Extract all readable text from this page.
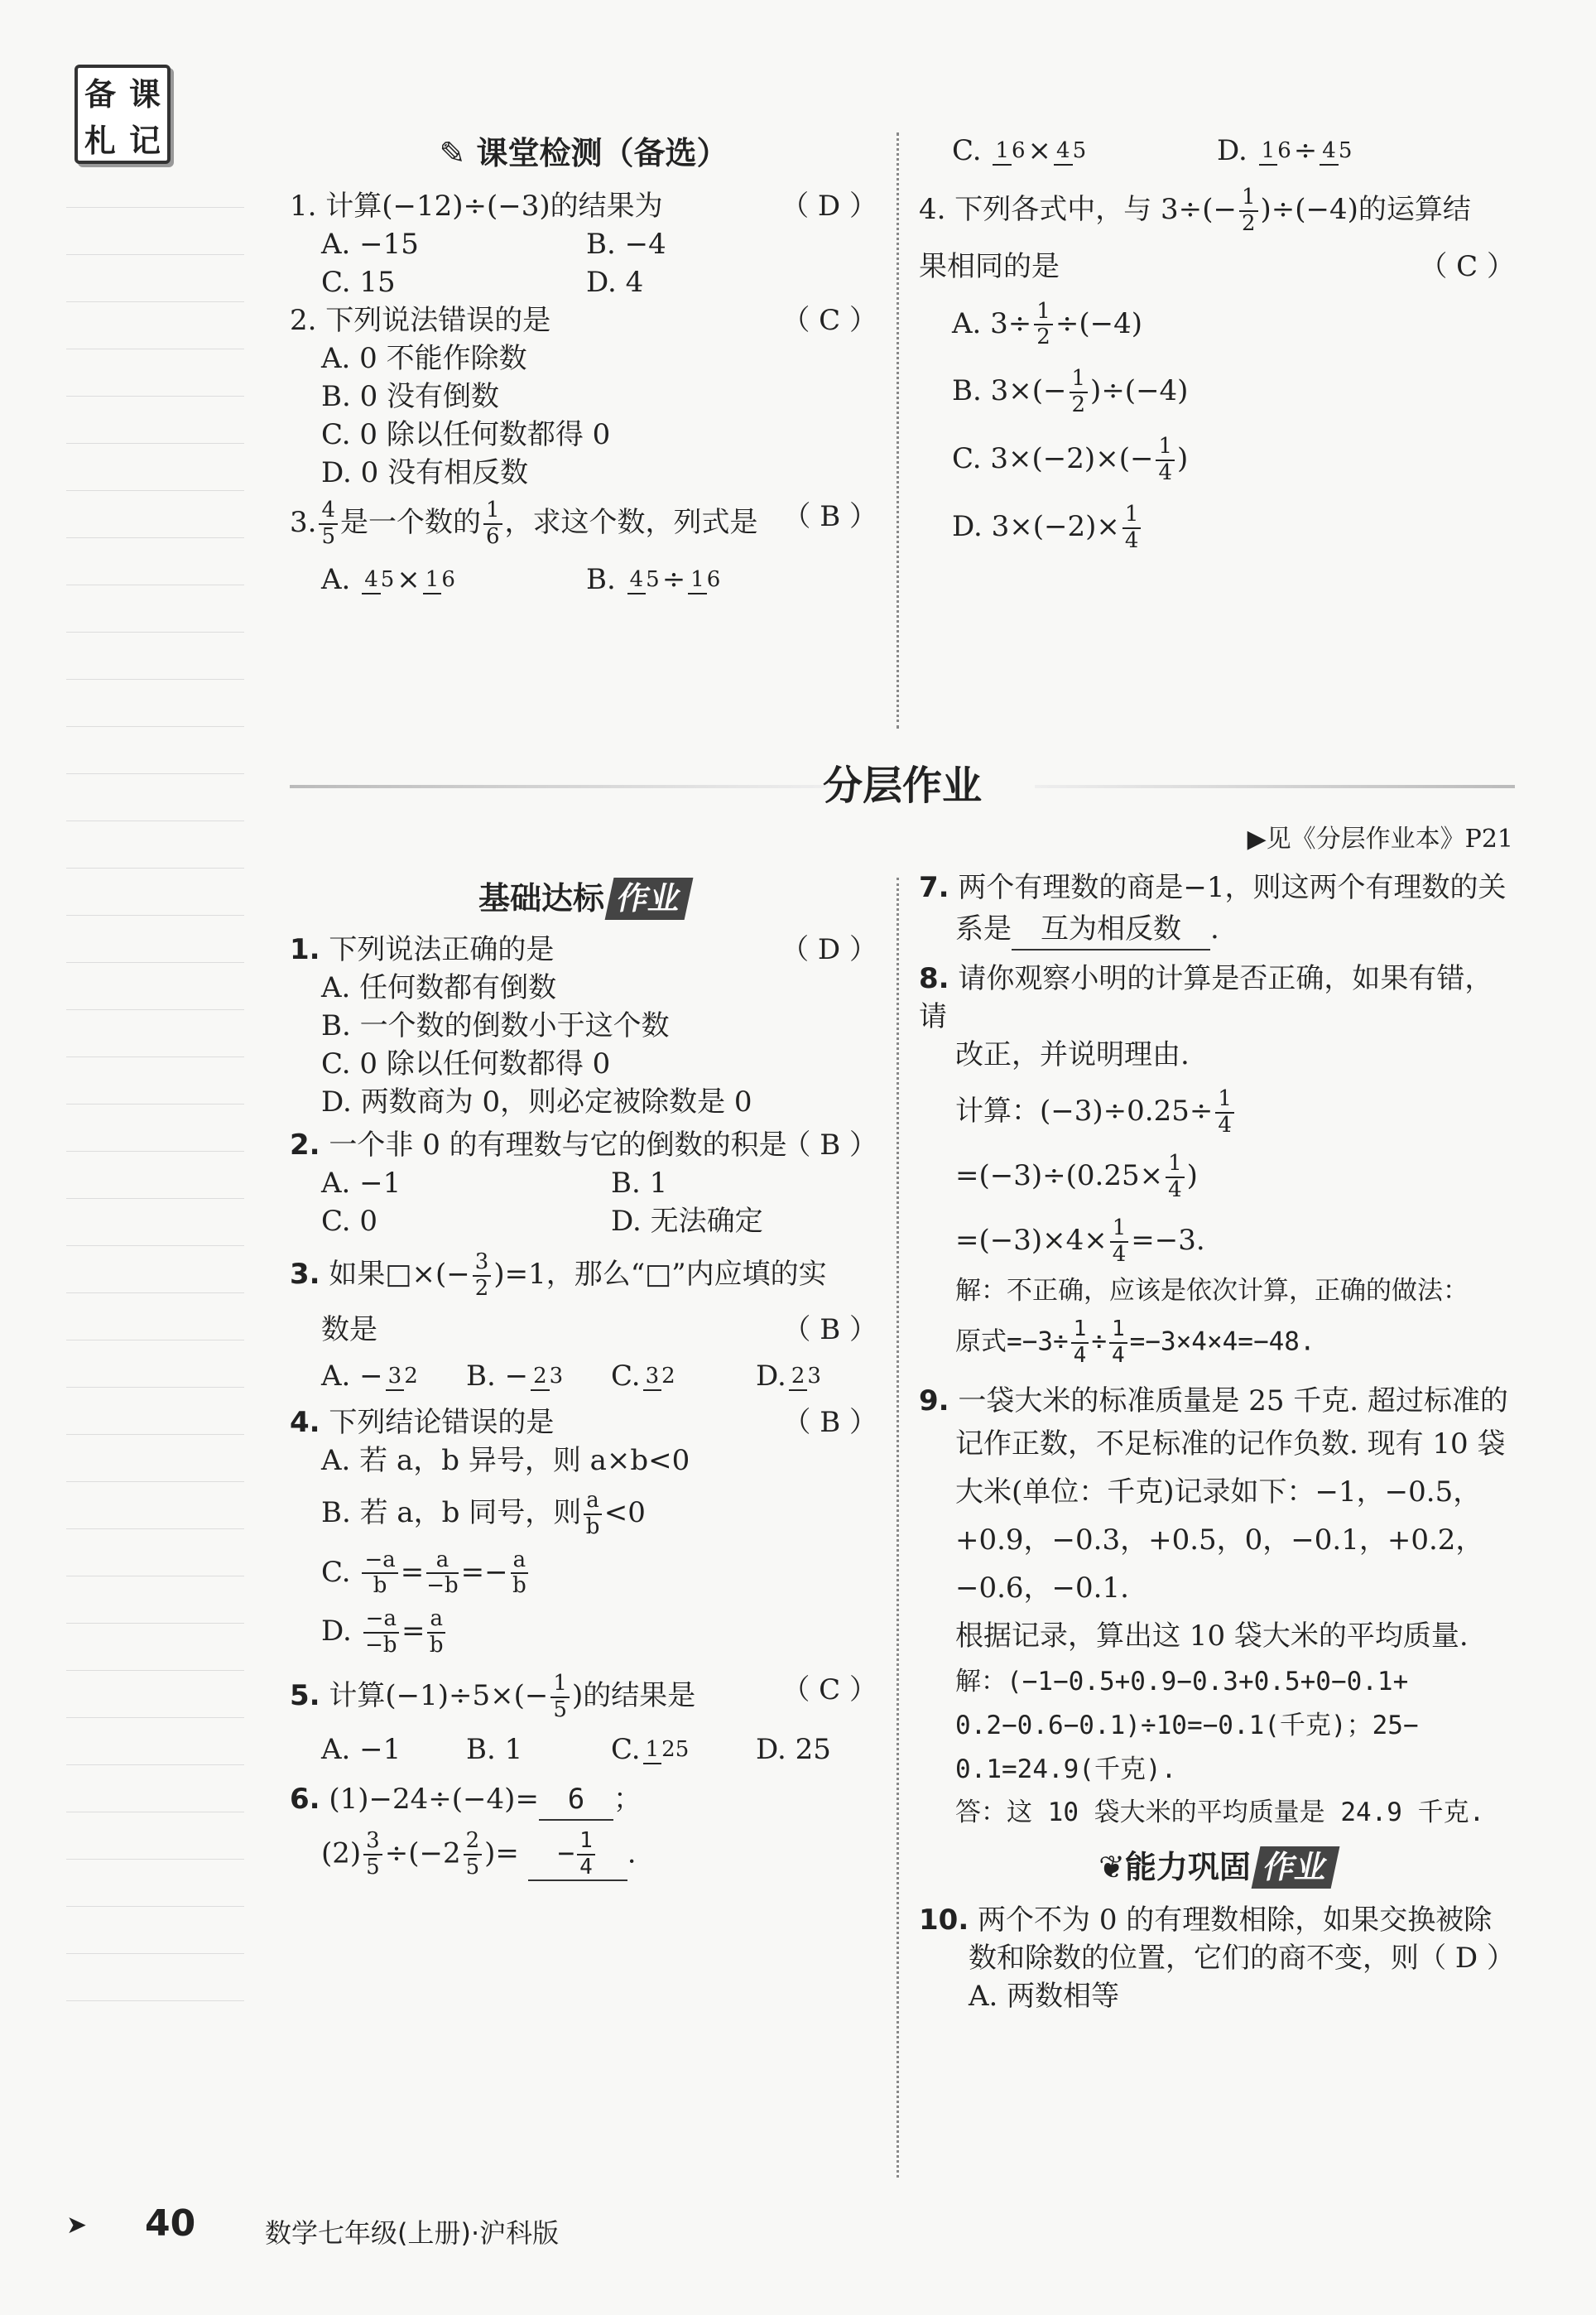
备 课
札 记	✎ 课堂检测（备选）
1. 计算(−12)÷(−3)的结果为	（ D ）
A. −15	B. −4
C. 15	D. 4
2. 下列说法错误的是	（ C ）
A. 0 不能作除数
B. 0 没有倒数
C. 0 除以任何数都得 0
D. 0 没有相反数
3. $\frac{4}{5}$ 是一个数的 $\frac{1}{6}$ ，求这个数，列式是 （ B ）
A. 4 5× 1 6	B. 4 5÷ 1 6
C. 1 6× 4 5	D. 1 6÷ 4 5
4. 下列各式中，与 $3\div(- \frac{1}{2} )\div(-4)$的运算结
果相同的是	（ C ）
A. $3\div \frac{1}{2} \div(-4)$
B. $3\times(- \frac{1}{2} )\div(-4)$
C. $3\times(-2)\times(- \frac{1}{4}$ )
D. $3\times(-2)\times \frac{1}{4}$
分层作业
▶见《分层作业本》P21
基础达标 作业
1. 下列说法正确的是	（ D ）
A. 任何数都有倒数
B. 一个数的倒数小于这个数
C. 0 除以任何数都得 0
D. 两数商为 0，则必定被除数是 0
2. 一个非 0 的有理数与它的倒数的积是
（ B ）
A. −1	B. 1
C. 0	D. 无法确定
3. 如果□×(− $\frac{3}{2} )=1$，那么“□”内应填的实
数是	（ B ）
A. − 3 2	B. − 2 3	C. 3 2	D. 2 3
4. 下列结论错误的是	（ B ）
A. 若 a，b 异号，则 a×b<0
B. 若 a，b 同号，则 $\frac{a}{b} <0$
C. $\frac{-a}{b} = \frac{a}{-b} =- \frac{a}{b}$
D. $\frac{-a}{-b} = \frac{a}{b}$
5. 计算$(-1)\div 5\times(- \frac{1}{5}$ )的结果是	（ C ）
A. −1	B. 1	C. 1 25	D. 25
6. (1)−24÷(−4)= 6 ；
$(2) \frac{3}{5} \div(-2 \frac{2}{5}$ )= − $\frac{1}{4}$ .
7. 两个有理数的商是−1，则这两个有理数的关
系是 互为相反数 .
8. 请你观察小明的计算是否正确，如果有错，请
改正，并说明理由.
计算：$(-3)\div 0.25\div \frac{1}{4}$
$=(-3)\div(0.25\times \frac{1}{4}$ )
$=(-3)\times 4\times \frac{1}{4} =-3$.
解：不正确，应该是依次计算，正确的做法：
原式$=-3\div \frac{1}{4} \div \frac{1}{4} =-3\times 4\times 4=-48$.
9. 一袋大米的标准质量是 25 千克. 超过标准的
记作正数，不足标准的记作负数. 现有 10 袋
大米(单位：千克)记录如下：−1，−0.5，
+0.9，−0.3，+0.5，0，−0.1，+0.2，
−0.6，−0.1.
根据记录，算出这 10 袋大米的平均质量.
解：(−1−0.5+0.9−0.3+0.5+0−0.1+
0.2−0.6−0.1)÷10=−0.1(千克)；25−
0.1=24.9(千克).
答：这 10 袋大米的平均质量是 24.9 千克.
❦能力巩固 作业
10. 两个不为 0 的有理数相除，如果交换被除
数和除数的位置，它们的商不变，则 （ D ）
A. 两数相等
➤ 40	数学七年级(上册)·沪科版
